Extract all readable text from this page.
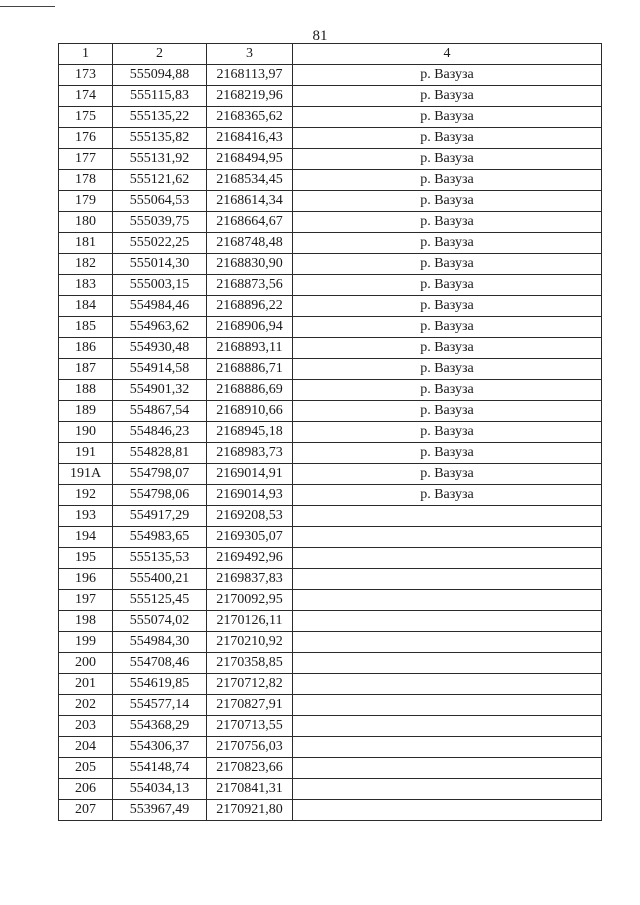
81
1	2	3	4
173	555094,88	2168113,97	р. Вазуза
174	555115,83	2168219,96	р. Вазуза
175	555135,22	2168365,62	р. Вазуза
176	555135,82	2168416,43	р. Вазуза
177	555131,92	2168494,95	р. Вазуза
178	555121,62	2168534,45	р. Вазуза
179	555064,53	2168614,34	р. Вазуза
180	555039,75	2168664,67	р. Вазуза
181	555022,25	2168748,48	р. Вазуза
182	555014,30	2168830,90	р. Вазуза
183	555003,15	2168873,56	р. Вазуза
184	554984,46	2168896,22	р. Вазуза
185	554963,62	2168906,94	р. Вазуза
186	554930,48	2168893,11	р. Вазуза
187	554914,58	2168886,71	р. Вазуза
188	554901,32	2168886,69	р. Вазуза
189	554867,54	2168910,66	р. Вазуза
190	554846,23	2168945,18	р. Вазуза
191	554828,81	2168983,73	р. Вазуза
191А	554798,07	2169014,91	р. Вазуза
192	554798,06	2169014,93	р. Вазуза
193	554917,29	2169208,53	
194	554983,65	2169305,07	
195	555135,53	2169492,96	
196	555400,21	2169837,83	
197	555125,45	2170092,95	
198	555074,02	2170126,11	
199	554984,30	2170210,92	
200	554708,46	2170358,85	
201	554619,85	2170712,82	
202	554577,14	2170827,91	
203	554368,29	2170713,55	
204	554306,37	2170756,03	
205	554148,74	2170823,66	
206	554034,13	2170841,31	
207	553967,49	2170921,80	
